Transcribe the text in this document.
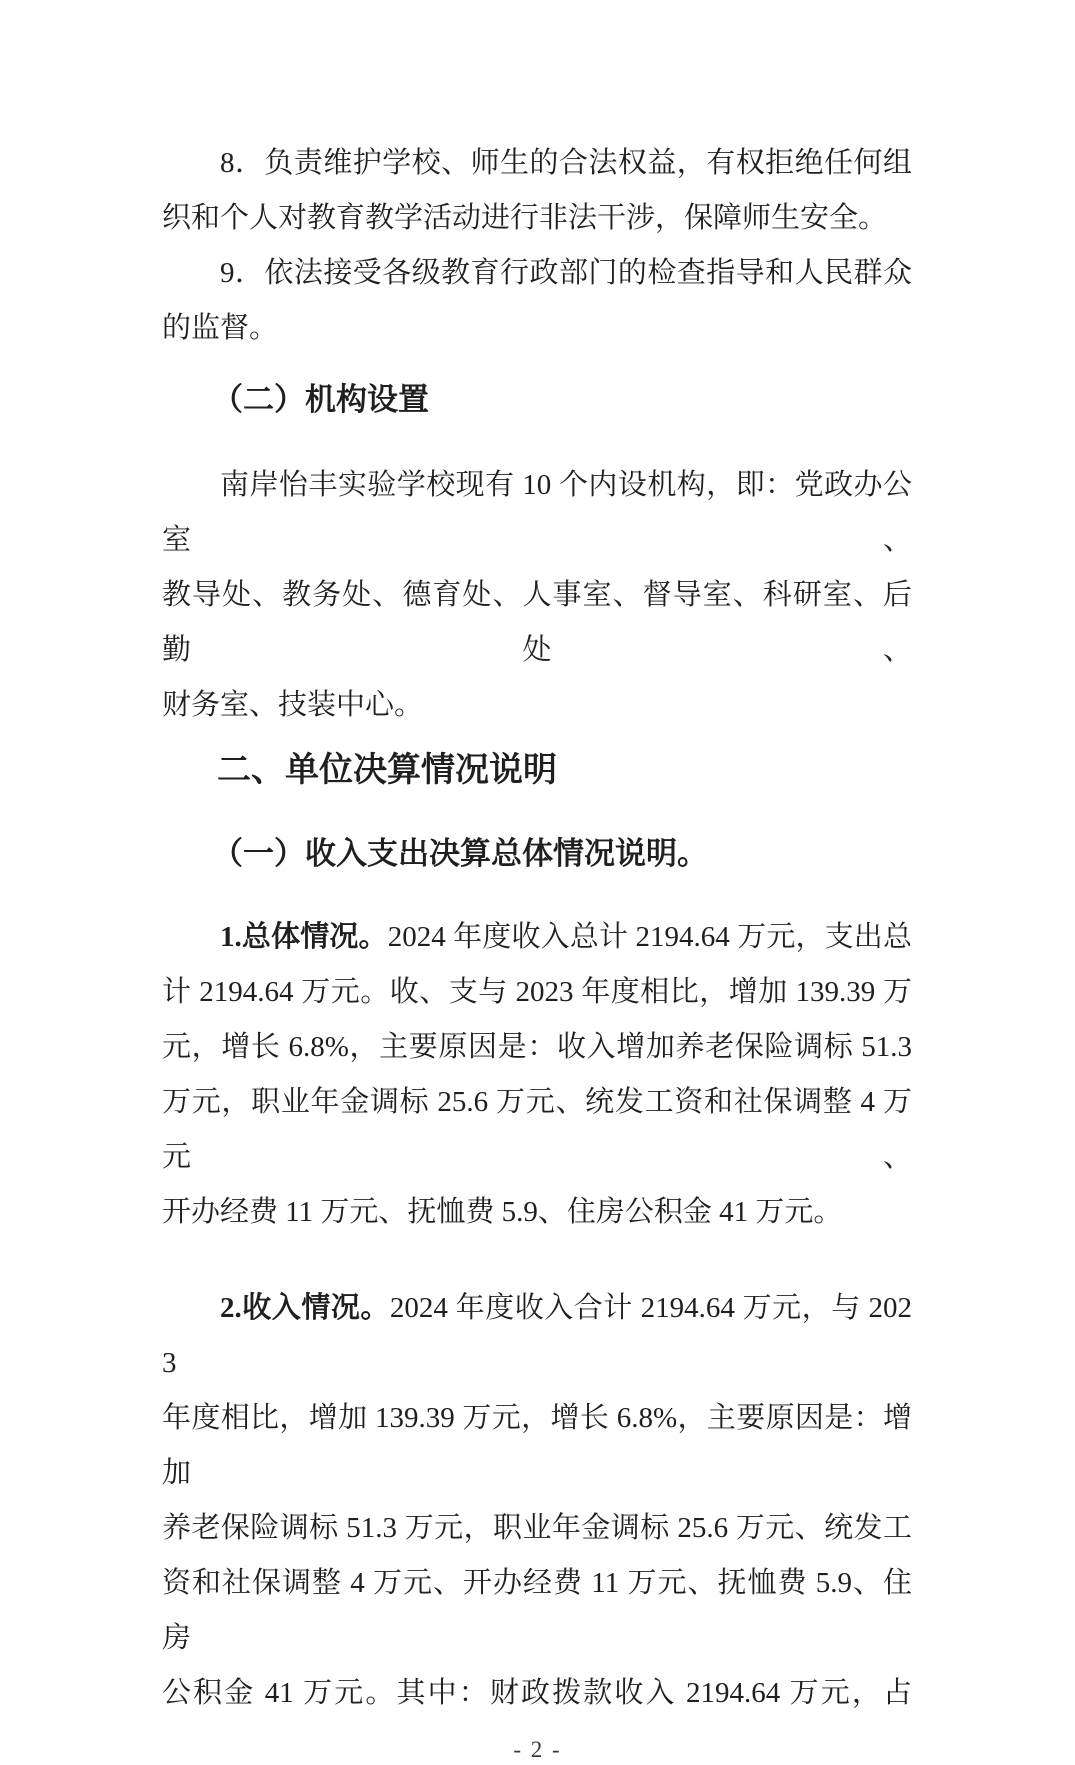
8．负责维护学校、师生的合法权益，有权拒绝任何组
织和个人对教育教学活动进行非法干涉，保障师生安全。
9．依法接受各级教育行政部门的检查指导和人民群众
的监督。
（二）机构设置
南岸怡丰实验学校现有 10 个内设机构，即：党政办公室、
教导处、教务处、德育处、人事室、督导室、科研室、后勤处、
财务室、技装中心。
二、单位决算情况说明
（一）收入支出决算总体情况说明。
1.总体情况。2024 年度收入总计 2194.64 万元，支出总
计 2194.64 万元。收、支与 2023 年度相比，增加 139.39 万
元，增长 6.8%，主要原因是：收入增加养老保险调标 51.3
万元，职业年金调标 25.6 万元、统发工资和社保调整 4 万元、
开办经费 11 万元、抚恤费 5.9、住房公积金 41 万元。
2.收入情况。2024 年度收入合计 2194.64 万元，与 2023
年度相比，增加 139.39 万元，增长 6.8%，主要原因是：增加
养老保险调标 51.3 万元，职业年金调标 25.6 万元、统发工
资和社保调整 4 万元、开办经费 11 万元、抚恤费 5.9、住房
公积金 41 万元。其中：财政拨款收入 2194.64 万元，占
- 2 -
